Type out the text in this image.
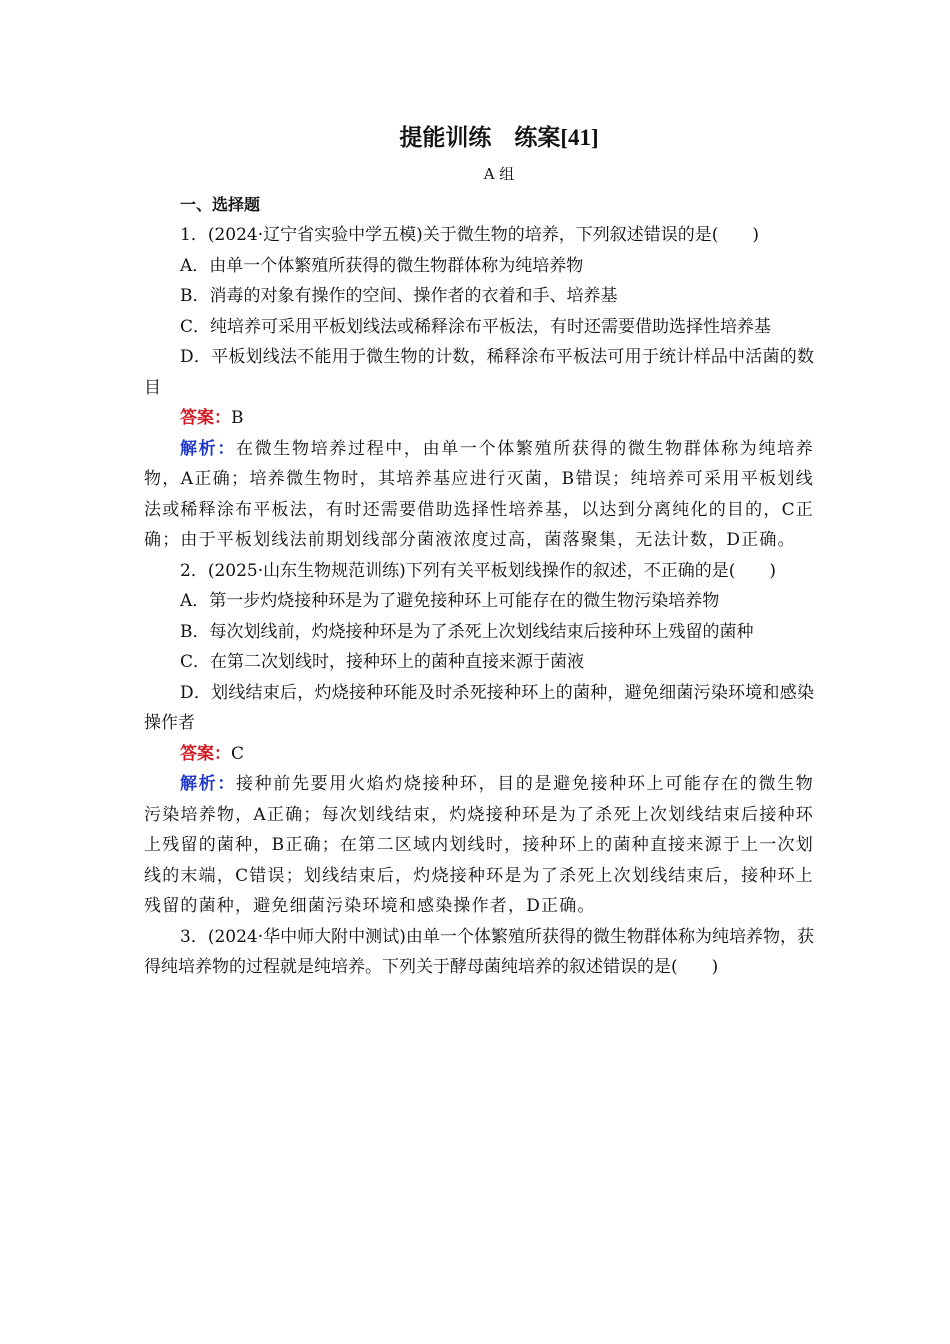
提能训练　练案[41]
A 组
一、选择题

1．(2024·辽宁省实验中学五模)关于微生物的培养，下列叙述错误的是(　　)

A．由单一个体繁殖所获得的微生物群体称为纯培养物

B．消毒的对象有操作的空间、操作者的衣着和手、培养基

C．纯培养可采用平板划线法或稀释涂布平板法，有时还需要借助选择性培养基

D．平板划线法不能用于微生物的计数，稀释涂布平板法可用于统计样品中活菌的数目

答案：B

解析：在微生物培养过程中，由单一个体繁殖所获得的微生物群体称为纯培养物，A正确；培养微生物时，其培养基应进行灭菌，B错误；纯培养可采用平板划线法或稀释涂布平板法，有时还需要借助选择性培养基，以达到分离纯化的目的，C正确；由于平板划线法前期划线部分菌液浓度过高，菌落聚集，无法计数，D正确。

2．(2025·山东生物规范训练)下列有关平板划线操作的叙述，不正确的是(　　)

A．第一步灼烧接种环是为了避免接种环上可能存在的微生物污染培养物

B．每次划线前，灼烧接种环是为了杀死上次划线结束后接种环上残留的菌种

C．在第二次划线时，接种环上的菌种直接来源于菌液

D．划线结束后，灼烧接种环能及时杀死接种环上的菌种，避免细菌污染环境和感染操作者

答案：C

解析：接种前先要用火焰灼烧接种环，目的是避免接种环上可能存在的微生物污染培养物，A正确；每次划线结束，灼烧接种环是为了杀死上次划线结束后接种环上残留的菌种，B正确；在第二区域内划线时，接种环上的菌种直接来源于上一次划线的末端，C错误；划线结束后，灼烧接种环是为了杀死上次划线结束后，接种环上残留的菌种，避免细菌污染环境和感染操作者，D正确。

3．(2024·华中师大附中测试)由单一个体繁殖所获得的微生物群体称为纯培养物，获得纯培养物的过程就是纯培养。下列关于酵母菌纯培养的叙述错误的是(　　)
